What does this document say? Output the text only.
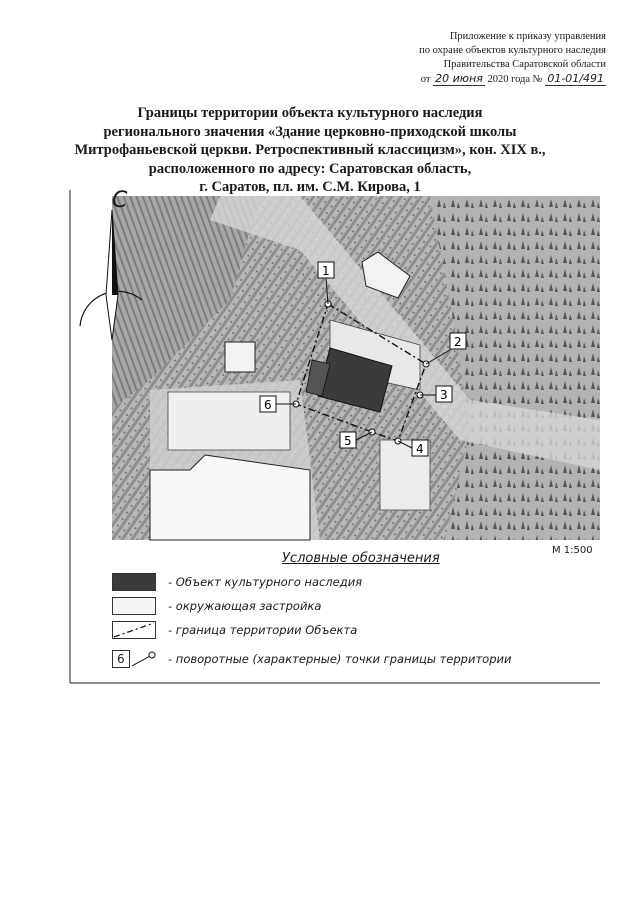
Приложение к приказу управления
по охране объектов культурного наследия
Правительства Саратовской области
от 20 июня 2020 года № 01-01/491
Границы территории объекта культурного наследия
регионального значения «Здание церковно-приходской школы
Митрофаньевской церкви. Ретроспективный классицизм», кон. XIX в.,
расположенного по адресу: Саратовская область,
г. Саратов, пл. им. С.М. Кирова, 1
1
2
3
4
5
6
С
М 1:500
Условные обозначения
- Объект культурного наследия
- окружающая застройка
- граница территории Объекта
6	- поворотные (характерные) точки границы территории
